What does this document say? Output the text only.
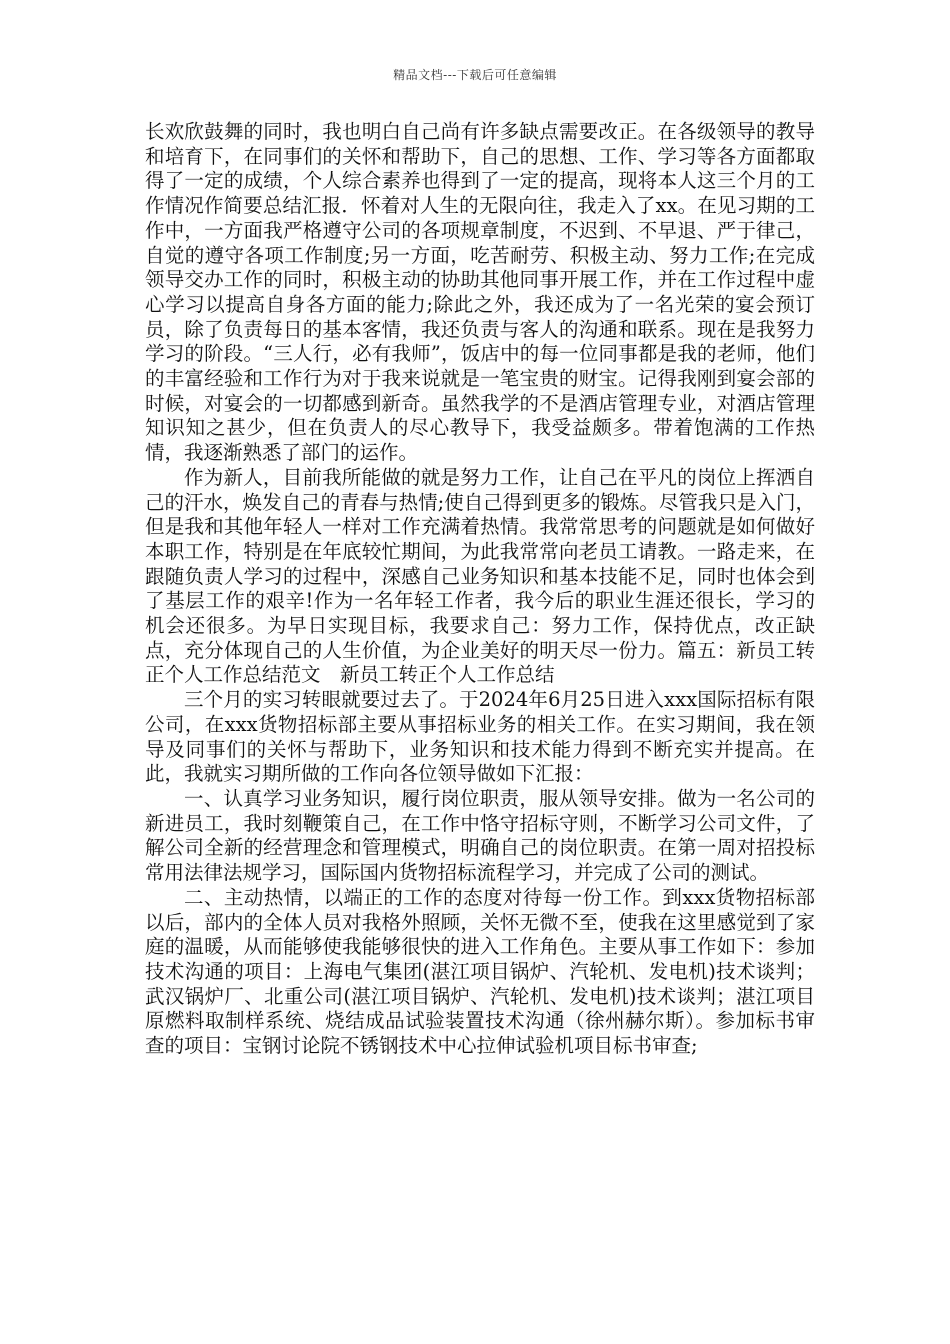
精品文档---下载后可任意编辑

长欢欣鼓舞的同时，我也明白自己尚有许多缺点需要改正。在各级领导的教导和培育下，在同事们的关怀和帮助下，自己的思想、工作、学习等各方面都取得了一定的成绩，个人综合素养也得到了一定的提高，现将本人这三个月的工作情况作简要总结汇报．怀着对人生的无限向往，我走入了xx。在见习期的工作中，一方面我严格遵守公司的各项规章制度，不迟到、不早退、严于律己，自觉的遵守各项工作制度;另一方面，吃苦耐劳、积极主动、努力工作;在完成领导交办工作的同时，积极主动的协助其他同事开展工作，并在工作过程中虚心学习以提高自身各方面的能力;除此之外，我还成为了一名光荣的宴会预订员，除了负责每日的基本客情，我还负责与客人的沟通和联系。现在是我努力学习的阶段。“三人行，必有我师”，饭店中的每一位同事都是我的老师，他们的丰富经验和工作行为对于我来说就是一笔宝贵的财宝。记得我刚到宴会部的时候，对宴会的一切都感到新奇。虽然我学的不是酒店管理专业，对酒店管理知识知之甚少，但在负责人的尽心教导下，我受益颇多。带着饱满的工作热情，我逐渐熟悉了部门的运作。

作为新人，目前我所能做的就是努力工作，让自己在平凡的岗位上挥洒自己的汗水，焕发自己的青春与热情;使自己得到更多的锻炼。尽管我只是入门，但是我和其他年轻人一样对工作充满着热情。我常常思考的问题就是如何做好本职工作，特别是在年底较忙期间，为此我常常向老员工请教。一路走来，在跟随负责人学习的过程中，深感自己业务知识和基本技能不足，同时也体会到了基层工作的艰辛!作为一名年轻工作者，我今后的职业生涯还很长，学习的机会还很多。为早日实现目标，我要求自己：努力工作，保持优点，改正缺点，充分体现自己的人生价值，为企业美好的明天尽一份力。篇五：新员工转正个人工作总结范文　新员工转正个人工作总结

三个月的实习转眼就要过去了。于2024年6月25日进入xxx国际招标有限公司，在xxx货物招标部主要从事招标业务的相关工作。在实习期间，我在领导及同事们的关怀与帮助下，业务知识和技术能力得到不断充实并提高。在此，我就实习期所做的工作向各位领导做如下汇报：

一、认真学习业务知识，履行岗位职责，服从领导安排。做为一名公司的新进员工，我时刻鞭策自己，在工作中恪守招标守则，不断学习公司文件，了解公司全新的经营理念和管理模式，明确自己的岗位职责。在第一周对招投标常用法律法规学习，国际国内货物招标流程学习，并完成了公司的测试。

二、主动热情，以端正的工作的态度对待每一份工作。到xxx货物招标部以后，部内的全体人员对我格外照顾，关怀无微不至，使我在这里感觉到了家庭的温暖，从而能够使我能够很快的进入工作角色。主要从事工作如下：参加技术沟通的项目：上海电气集团(湛江项目锅炉、汽轮机、发电机)技术谈判；武汉锅炉厂、北重公司(湛江项目锅炉、汽轮机、发电机)技术谈判；湛江项目原燃料取制样系统、烧结成品试验装置技术沟通（徐州赫尔斯）。参加标书审查的项目：宝钢讨论院不锈钢技术中心拉伸试验机项目标书审查;
